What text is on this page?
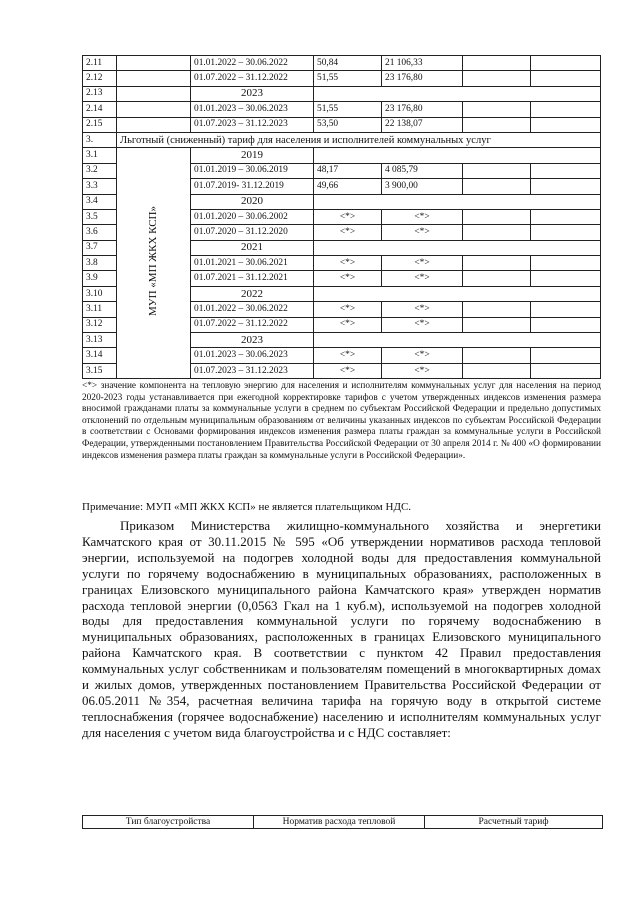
2.11		01.01.2022 – 30.06.2022	50,84	21 106,33		
2.12		01.07.2022 – 31.12.2022	51,55	23 176,80		
2.13		2023				
2.14		01.01.2023 – 30.06.2023	51,55	23 176,80		
2.15		01.07.2023 – 31.12.2023	53,50	22 138,07		
3.	Льготный (сниженный) тариф для населения и исполнителей коммунальных услуг					
3.1	МУП «МП ЖКХ КСП»	2019				
3.2		01.01.2019 – 30.06.2019	48,17	4 085,79		
3.3		01.07.2019- 31.12.2019	49,66	3 900,00		
3.4		2020				
3.5		01.01.2020 – 30.06.2002	<*>	<*>		
3.6		01.07.2020 – 31.12.2020	<*>	<*>		
3.7		2021				
3.8		01.01.2021 – 30.06.2021	<*>	<*>		
3.9		01.07.2021 – 31.12.2021	<*>	<*>		
3.10		2022				
3.11		01.01.2022 – 30.06.2022	<*>	<*>		
3.12		01.07.2022 – 31.12.2022	<*>	<*>		
3.13		2023				
3.14		01.01.2023 – 30.06.2023	<*>	<*>		
3.15		01.07.2023 – 31.12.2023	<*>	<*>		
<*> значение компонента на тепловую энергию для населения и исполнителям коммунальных услуг для населения на период 2020-2023 годы устанавливается при ежегодной корректировке тарифов с учетом утвержденных индексов изменения размера вносимой гражданами платы за коммунальные услуги в среднем по субъектам Российской Федерации и предельно допустимых отклонений по отдельным муниципальным образованиям от величины указанных индексов по субъектам Российской Федерации в соответствии с Основами формирования индексов изменения размера платы граждан за коммунальные услуги в Российской Федерации, утвержденными постановлением Правительства Российской Федерации от 30 апреля 2014 г. № 400 «О формировании индексов изменения размера платы граждан за коммунальные услуги в Российской Федерации».
Примечание: МУП «МП ЖКХ КСП» не является плательщиком НДС.

Приказом Министерства жилищно-коммунального хозяйства и энергетики Камчатского края от 30.11.2015 № 595 «Об утверждении нормативов расхода тепловой энергии, используемой на подогрев холодной воды для предоставления коммунальной услуги по горячему водоснабжению в муниципальных образованиях, расположенных в границах Елизовского муниципального района Камчатского края» утвержден норматив расхода тепловой энергии (0,0563 Гкал на 1 куб.м), используемой на подогрев холодной воды для предоставления коммунальной услуги по горячему водоснабжению в муниципальных образованиях, расположенных в границах Елизовского муниципального района Камчатского края. В соответствии с пунктом 42 Правил предоставления коммунальных услуг собственникам и пользователям помещений в многоквартирных домах и жилых домов, утвержденных постановлением Правительства Российской Федерации от 06.05.2011 №354, расчетная величина тарифа на горячую воду в открытой системе теплоснабжения (горячее водоснабжение) населению и исполнителям коммунальных услуг для населения с учетом вида благоустройства и с НДС составляет:

Тип благоустройства	Норматив расхода тепловой	Расчетный тариф
